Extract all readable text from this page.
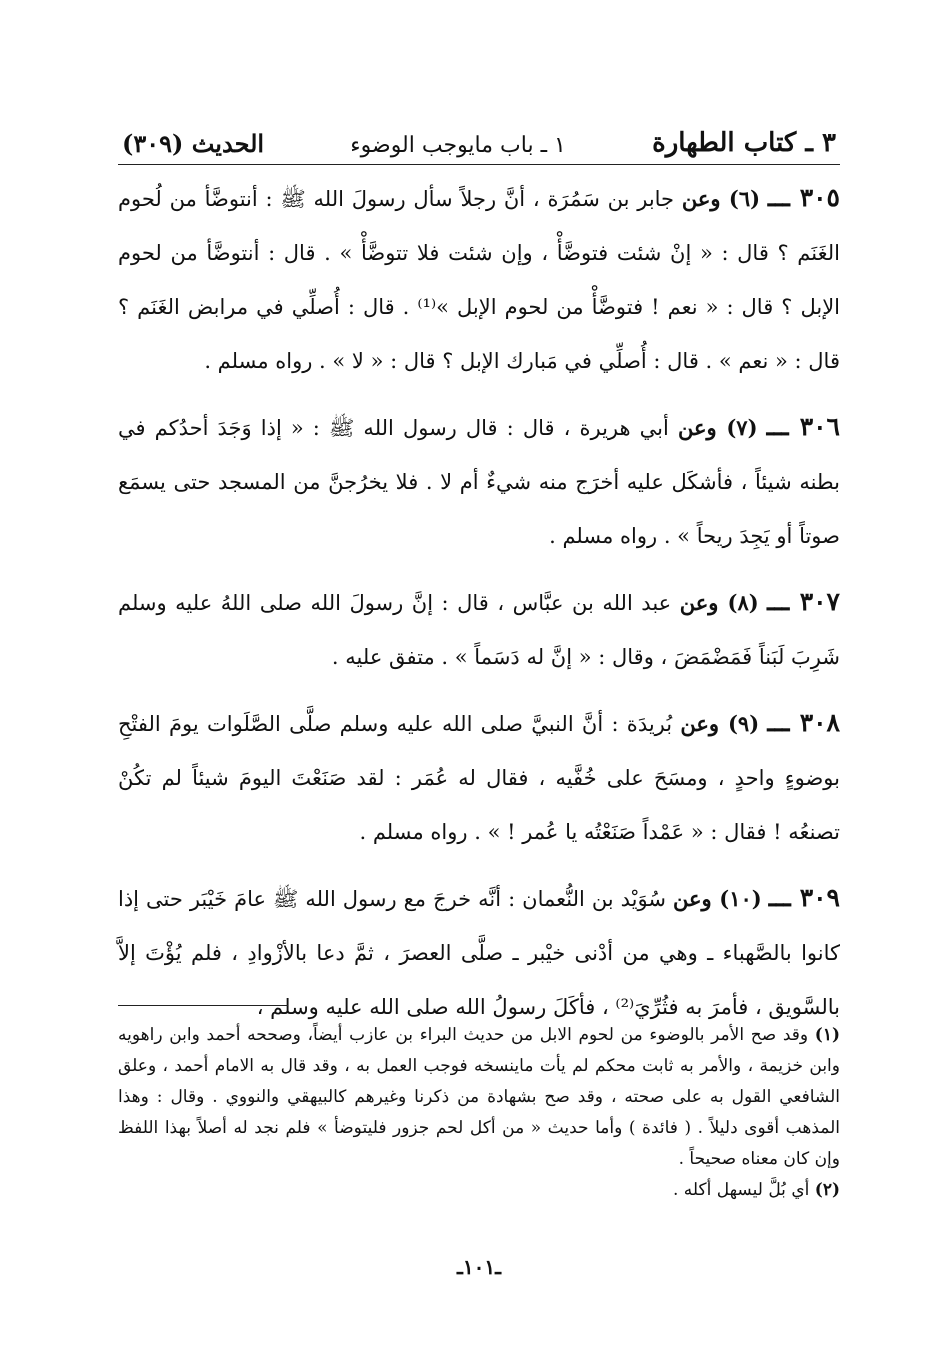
٣ ـ كتاب الطهارة
١ ـ باب مايوجب الوضوء
الحديث (٣٠٩)
٣٠٥ ـــ (٦) وعن جابر بن سَمُرَة ، أنَّ رجلاً سأل رسولَ الله ﷺ : أنتوضَّأ من لُحوم الغَنَم ؟ قال : « إنْ شئت فتوضَّأْ ، وإن شئت فلا تتوضَّأْ » . قال : أنتوضَّأ من لحوم الإبل ؟ قال : « نعم ! فتوضَّأْ من لحوم الإبل »⁽¹⁾ . قال : أُصلِّي في مرابض الغَنَم ؟ قال : « نعم » . قال : أُصلِّي في مَبارك الإبل ؟ قال : « لا » . رواه مسلم .
٣٠٦ ـــ (٧) وعن أبي هريرة ، قال : قال رسول الله ﷺ : « إذا وَجَدَ أحدُكم في بطنه شيئاً ، فأشكَل عليه أخرَج منه شيءٌ أم لا . فلا يخرُجنَّ من المسجد حتى يسمَع صوتاً أو يَجِدَ ريحاً » . رواه مسلم .
٣٠٧ ـــ (٨) وعن عبد الله بن عبَّاس ، قال : إنَّ رسولَ الله صلى اللهُ عليه وسلم شَرِبَ لَبَناً فَمَضْمَضَ ، وقال : « إنَّ له دَسَماً » . متفق عليه .
٣٠٨ ـــ (٩) وعن بُريدَة : أنَّ النبيَّ صلى الله عليه وسلم صلَّى الصَّلَوات يومَ الفتْحِ بوضوءٍ واحدٍ ، ومسَحَ على خُفَّيه ، فقال له عُمَر : لقد صَنَعْتَ اليومَ شيئاً لم تكُنْ تصنعُه ! فقال : « عَمْداً صَنَعْتُه يا عُمر ! » . رواه مسلم .
٣٠٩ ـــ (١٠) وعن سُوَيْد بن النُّعمان : أنَّه خرجَ مع رسول الله ﷺ عامَ خَيْبَر حتى إذا كانوا بالصَّهباء ـ وهي من أدْنى خيْبر ـ صلَّى العصرَ ، ثمَّ دعا بالأزْوادِ ، فلم يُؤْتَ إلاَّ بالسَّويق ، فأمرَ به فثُرِّيَ⁽²⁾ ، فأكَلَ رسولُ الله صلى الله عليه وسلم ،

(١) وقد صح الأمر بالوضوء من لحوم الابل من حديث البراء بن عازب أيضاً، وصححه أحمد وابن راهويه وابن خزيمة ، والأمر به ثابت محكم لم يأت ماينسخه فوجب العمل به ، وقد قال به الامام أحمد ، وعلق الشافعي القول به على صحته ، وقد صح بشهادة من ذكرنا وغيرهم كالبيهقي والنووي . وقال : وهذا المذهب أقوى دليلاً . ( فائدة ) وأما حديث « من أكل لحم جزور فليتوضأ » فلم نجد له أصلاً بهذا اللفظ وإن كان معناه صحيحاً .

(٢) أي بُلَّ ليسهل أكله .

ـ١٠١ـ
